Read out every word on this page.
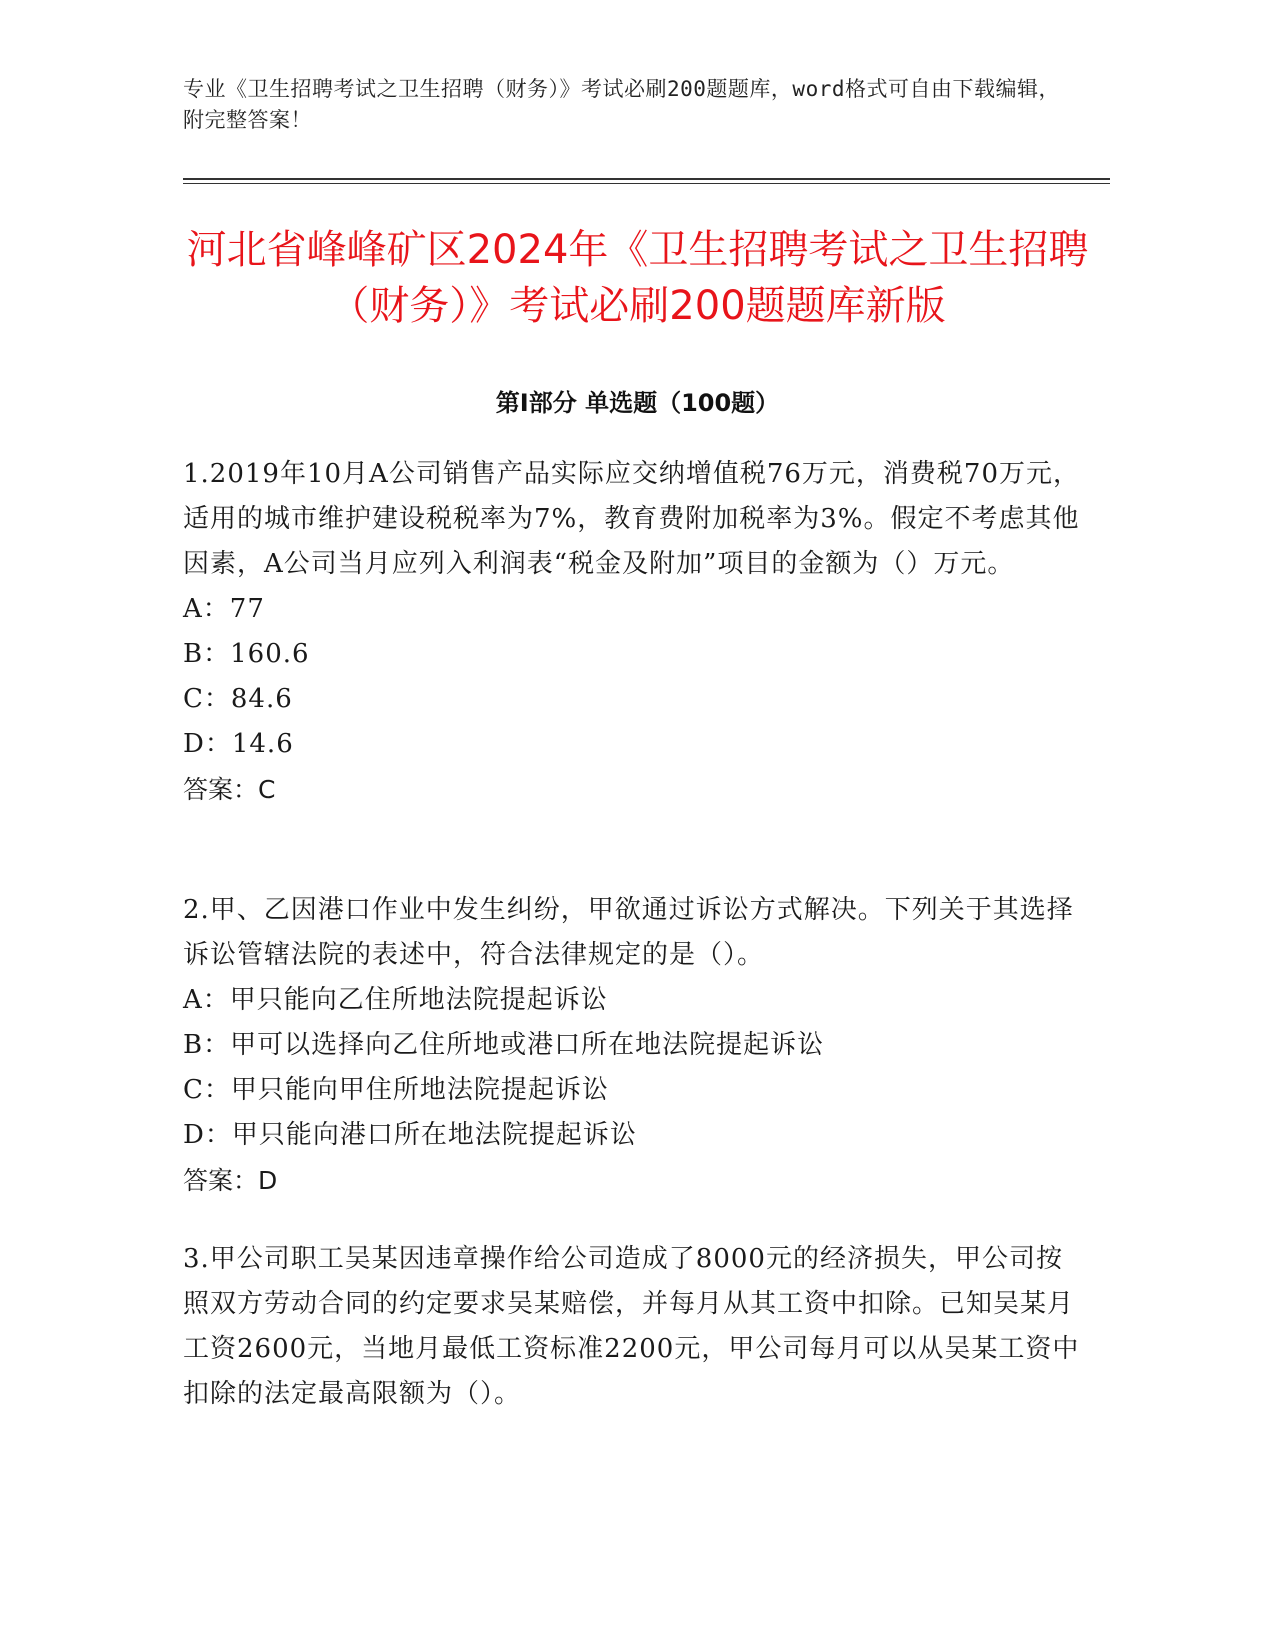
专业《卫生招聘考试之卫生招聘（财务）》考试必刷200题题库，word格式可自由下载编辑，附完整答案！
河北省峰峰矿区2024年《卫生招聘考试之卫生招聘（财务）》考试必刷200题题库新版
第Ⅰ部分 单选题（100题）

1.2019年10月A公司销售产品实际应交纳增值税76万元，消费税70万元，适用的城市维护建设税税率为7%，教育费附加税率为3%。假定不考虑其他因素，A公司当月应列入利润表“税金及附加”项目的金额为（）万元。

A：77

B：160.6

C：84.6

D：14.6

答案：C

2.甲、乙因港口作业中发生纠纷，甲欲通过诉讼方式解决。下列关于其选择诉讼管辖法院的表述中，符合法律规定的是（）。

A：甲只能向乙住所地法院提起诉讼

B：甲可以选择向乙住所地或港口所在地法院提起诉讼

C：甲只能向甲住所地法院提起诉讼

D：甲只能向港口所在地法院提起诉讼

答案：D

3.甲公司职工吴某因违章操作给公司造成了8000元的经济损失，甲公司按照双方劳动合同的约定要求吴某赔偿，并每月从其工资中扣除。已知吴某月工资2600元，当地月最低工资标准2200元，甲公司每月可以从吴某工资中扣除的法定最高限额为（）。
